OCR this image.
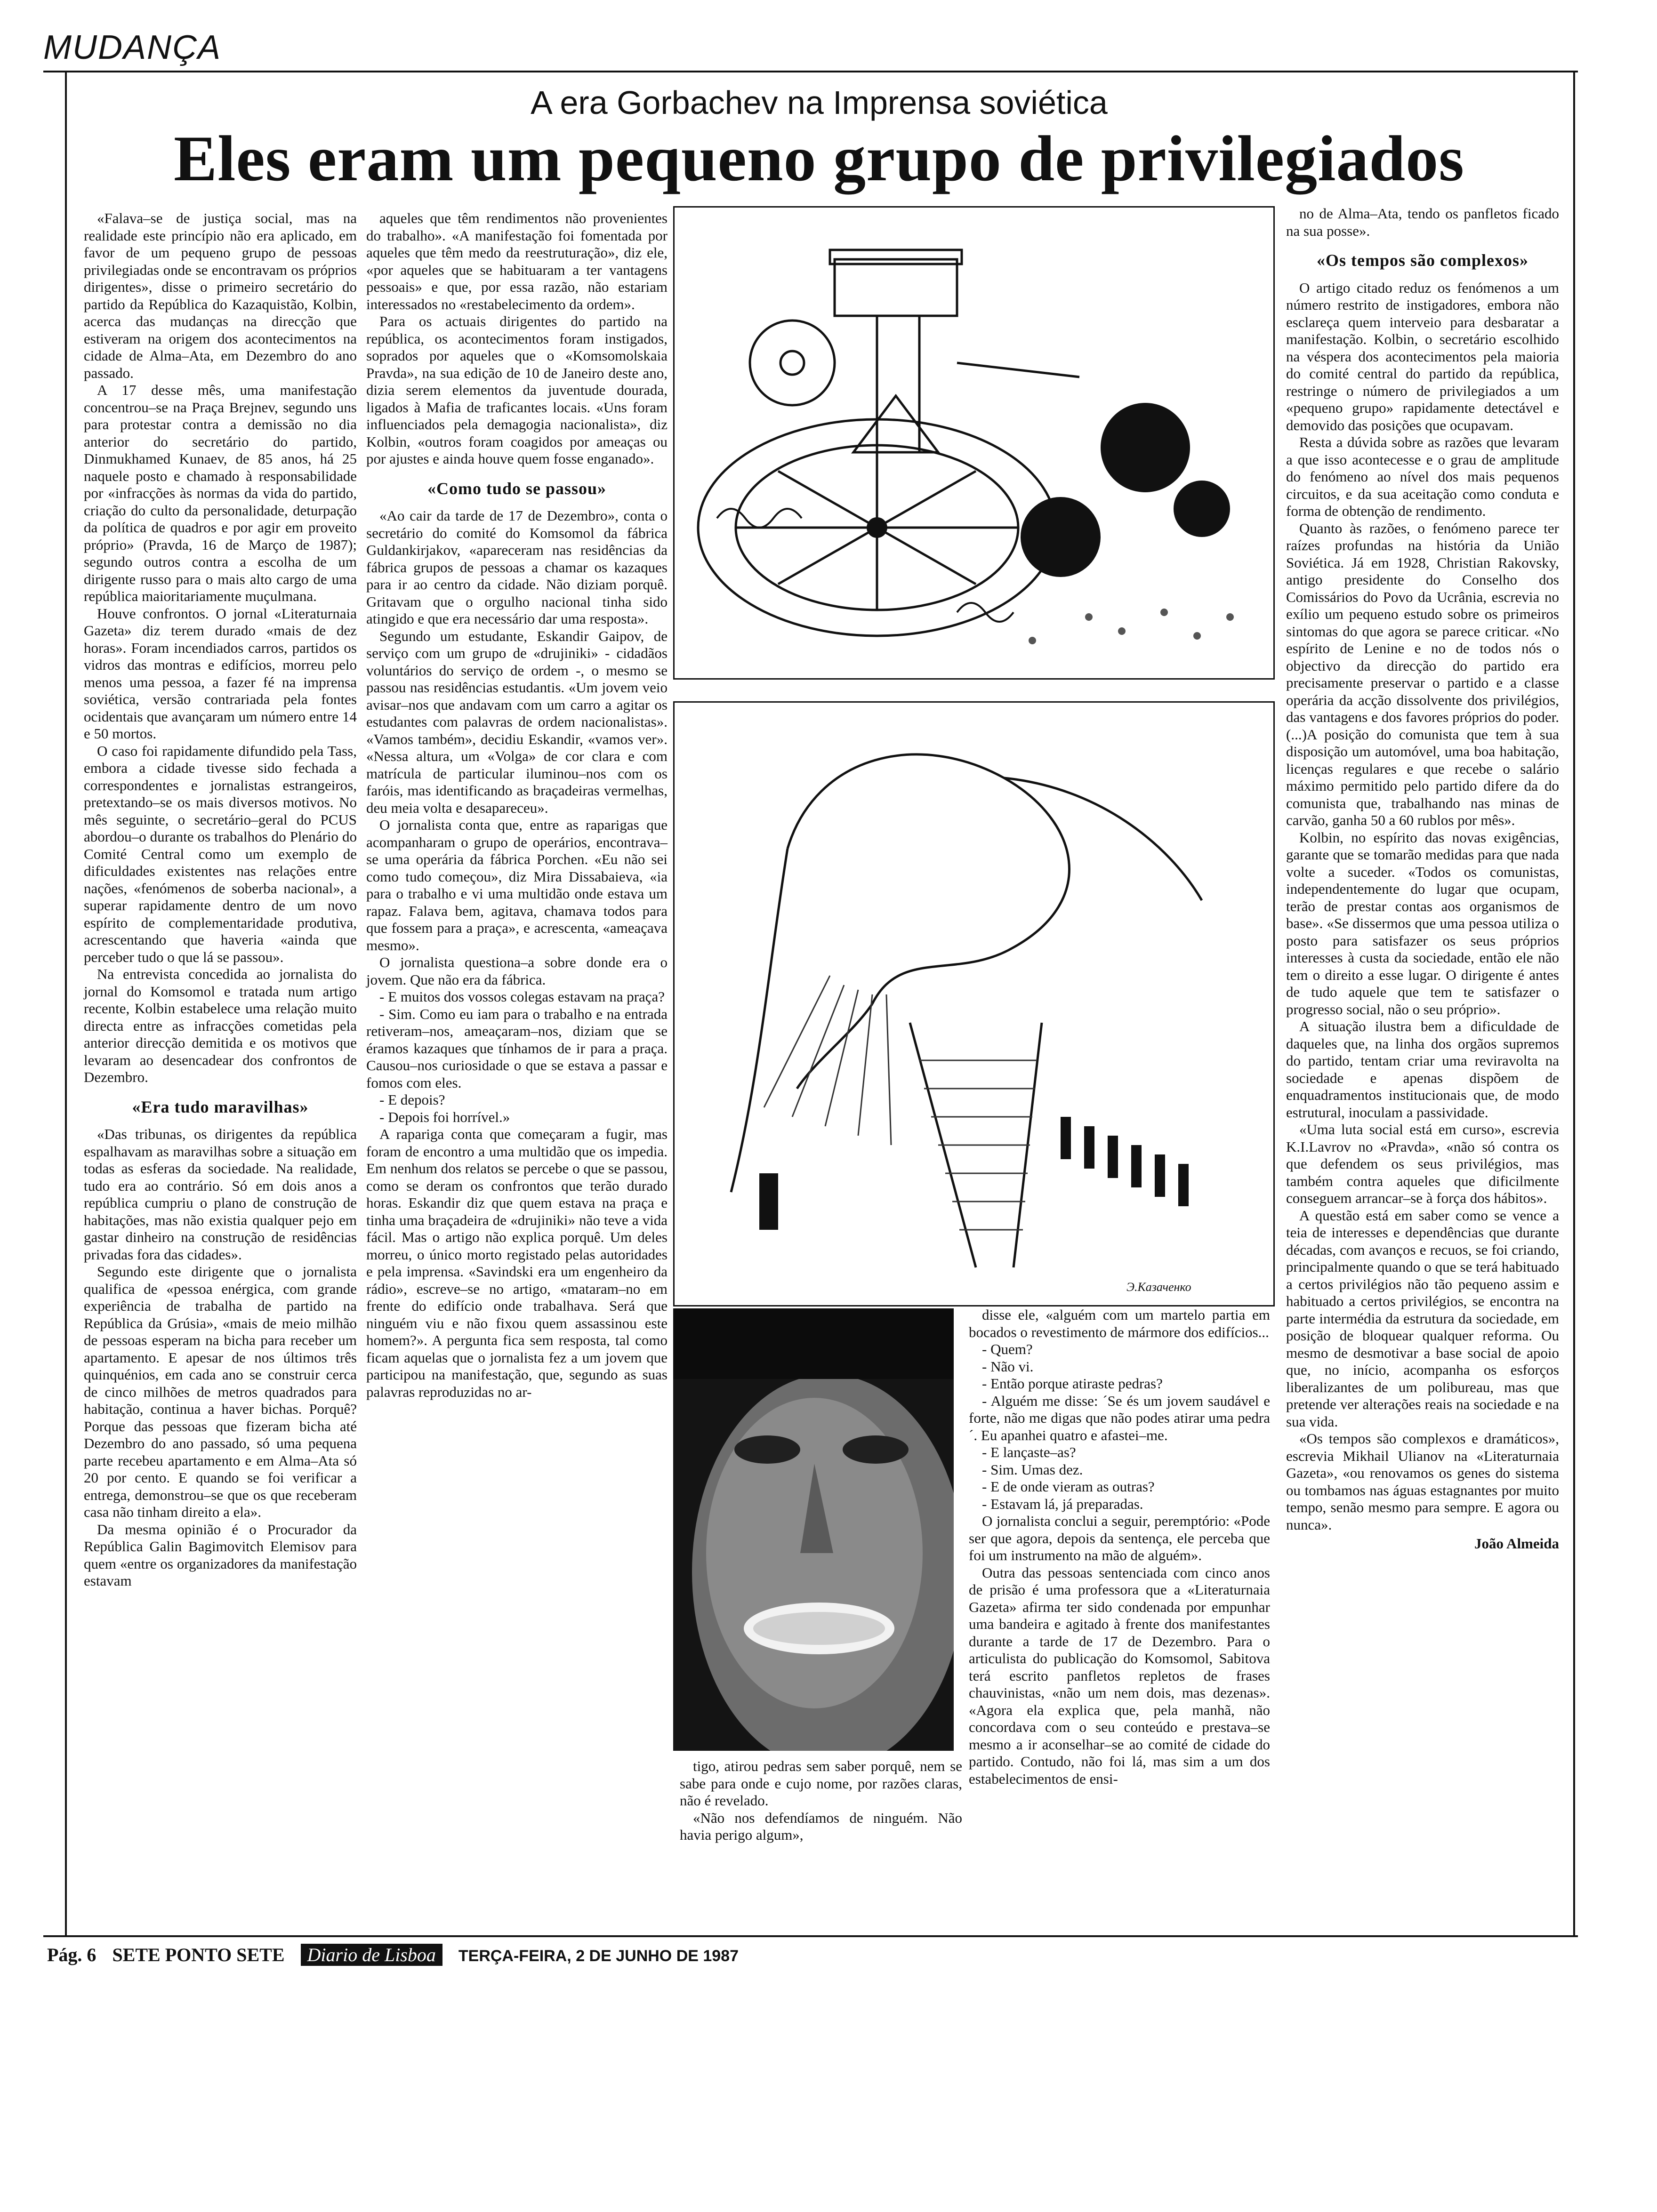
MUDANÇA
A era Gorbachev na Imprensa soviética
Eles eram um pequeno grupo de privilegiados

«Falava–se de justiça social, mas na realidade este princípio não era aplicado, em favor de um pequeno grupo de pessoas privilegiadas onde se encontravam os próprios dirigentes», disse o primeiro secretário do partido da República do Kazaquistão, Kolbin, acerca das mudanças na direcção que estiveram na origem dos acontecimentos na cidade de Alma–Ata, em Dezembro do ano passado.

A 17 desse mês, uma manifestação concentrou–se na Praça Brejnev, segundo uns para protestar contra a demissão no dia anterior do secretário do partido, Dinmukhamed Kunaev, de 85 anos, há 25 naquele posto e chamado à responsabilidade por «infracções às normas da vida do partido, criação do culto da personalidade, deturpação da política de quadros e por agir em proveito próprio» (Pravda, 16 de Março de 1987); segundo outros contra a escolha de um dirigente russo para o mais alto cargo de uma república maioritariamente muçulmana.

Houve confrontos. O jornal «Literaturnaia Gazeta» diz terem durado «mais de dez horas». Foram incendiados carros, partidos os vidros das montras e edifícios, morreu pelo menos uma pessoa, a fazer fé na imprensa soviética, versão contrariada pela fontes ocidentais que avançaram um número entre 14 e 50 mortos.

O caso foi rapidamente difundido pela Tass, embora a cidade tivesse sido fechada a correspondentes e jornalistas estrangeiros, pretextando–se os mais diversos motivos. No mês seguinte, o secretário–geral do PCUS abordou–o durante os trabalhos do Plenário do Comité Central como um exemplo de dificuldades existentes nas relações entre nações, «fenómenos de soberba nacional», a superar rapidamente dentro de um novo espírito de complementaridade produtiva, acrescentando que haveria «ainda que perceber tudo o que lá se passou».

Na entrevista concedida ao jornalista do jornal do Komsomol e tratada num artigo recente, Kolbin estabelece uma relação muito directa entre as infracções cometidas pela anterior direcção demitida e os motivos que levaram ao desencadear dos confrontos de Dezembro.

«Era tudo maravilhas»

«Das tribunas, os dirigentes da república espalhavam as maravilhas sobre a situação em todas as esferas da sociedade. Na realidade, tudo era ao contrário. Só em dois anos a república cumpriu o plano de construção de habitações, mas não existia qualquer pejo em gastar dinheiro na construção de residências privadas fora das cidades».

Segundo este dirigente que o jornalista qualifica de «pessoa enérgica, com grande experiência de trabalha de partido na República da Grúsia», «mais de meio milhão de pessoas esperam na bicha para receber um apartamento. E apesar de nos últimos três quinquénios, em cada ano se construir cerca de cinco milhões de metros quadrados para habitação, continua a haver bichas. Porquê? Porque das pessoas que fizeram bicha até Dezembro do ano passado, só uma pequena parte recebeu apartamento e em Alma–Ata só 20 por cento. E quando se foi verificar a entrega, demonstrou–se que os que receberam casa não tinham direito a ela».

Da mesma opinião é o Procurador da República Galin Bagimovitch Elemisov para quem «entre os organizadores da manifestação estavam

aqueles que têm rendimentos não provenientes do trabalho». «A manifestação foi fomentada por aqueles que têm medo da reestruturação», diz ele, «por aqueles que se habituaram a ter vantagens pessoais» e que, por essa razão, não estariam interessados no «restabelecimento da ordem».

Para os actuais dirigentes do partido na república, os acontecimentos foram instigados, soprados por aqueles que o «Komsomolskaia Pravda», na sua edição de 10 de Janeiro deste ano, dizia serem elementos da juventude dourada, ligados à Mafia de traficantes locais. «Uns foram influenciados pela demagogia nacionalista», diz Kolbin, «outros foram coagidos por ameaças ou por ajustes e ainda houve quem fosse enganado».

«Como tudo se passou»

«Ao cair da tarde de 17 de Dezembro», conta o secretário do comité do Komsomol da fábrica Guldankirjakov, «apareceram nas residências da fábrica grupos de pessoas a chamar os kazaques para ir ao centro da cidade. Não diziam porquê. Gritavam que o orgulho nacional tinha sido atingido e que era necessário dar uma resposta».

Segundo um estudante, Eskandir Gaipov, de serviço com um grupo de «drujiniki» - cidadãos voluntários do serviço de ordem -, o mesmo se passou nas residências estudantis. «Um jovem veio avisar–nos que andavam com um carro a agitar os estudantes com palavras de ordem nacionalistas». «Vamos também», decidiu Eskandir, «vamos ver». «Nessa altura, um «Volga» de cor clara e com matrícula de particular iluminou–nos com os faróis, mas identificando as braçadeiras vermelhas, deu meia volta e desapareceu».

O jornalista conta que, entre as raparigas que acompanharam o grupo de operários, encontrava–se uma operária da fábrica Porchen. «Eu não sei como tudo começou», diz Mira Dissabaieva, «ia para o trabalho e vi uma multidão onde estava um rapaz. Falava bem, agitava, chamava todos para que fossem para a praça», e acrescenta, «ameaçava mesmo».

O jornalista questiona–a sobre donde era o jovem. Que não era da fábrica.

- E muitos dos vossos colegas estavam na praça?

- Sim. Como eu iam para o trabalho e na entrada retiveram–nos, ameaçaram–nos, diziam que se éramos kazaques que tínhamos de ir para a praça. Causou–nos curiosidade o que se estava a passar e fomos com eles.

- E depois?

- Depois foi horrível.»

A rapariga conta que começaram a fugir, mas foram de encontro a uma multidão que os impedia. Em nenhum dos relatos se percebe o que se passou, como se deram os confrontos que terão durado horas. Eskandir diz que quem estava na praça e tinha uma braçadeira de «drujiniki» não teve a vida fácil. Mas o artigo não explica porquê. Um deles morreu, o único morto registado pelas autoridades e pela imprensa. «Savindski era um engenheiro da rádio», escreve–se no artigo, «mataram–no em frente do edifício onde trabalhava. Será que ninguém viu e não fixou quem assassinou este homem?». A pergunta fica sem resposta, tal como ficam aquelas que o jornalista fez a um jovem que participou na manifestação, que, segundo as suas palavras reproduzidas no ar-

Э.Казаченко

tigo, atirou pedras sem saber porquê, nem se sabe para onde e cujo nome, por razões claras, não é revelado.

«Não nos defendíamos de ninguém. Não havia perigo algum»,

disse ele, «alguém com um martelo partia em bocados o revestimento de mármore dos edifícios...

- Quem?

- Não vi.

- Então porque atiraste pedras?

- Alguém me disse: ´Se és um jovem saudável e forte, não me digas que não podes atirar uma pedra´. Eu apanhei quatro e afastei–me.

- E lançaste–as?

- Sim. Umas dez.

- E de onde vieram as outras?

- Estavam lá, já preparadas.

O jornalista conclui a seguir, peremptório: «Pode ser que agora, depois da sentença, ele perceba que foi um instrumento na mão de alguém».

Outra das pessoas sentenciada com cinco anos de prisão é uma professora que a «Literaturnaia Gazeta» afirma ter sido condenada por empunhar uma bandeira e agitado à frente dos manifestantes durante a tarde de 17 de Dezembro. Para o articulista do publicação do Komsomol, Sabitova terá escrito panfletos repletos de frases chauvinistas, «não um nem dois, mas dezenas». «Agora ela explica que, pela manhã, não concordava com o seu conteúdo e prestava–se mesmo a ir aconselhar–se ao comité de cidade do partido. Contudo, não foi lá, mas sim a um dos estabelecimentos de ensi-

no de Alma–Ata, tendo os panfletos ficado na sua posse».

«Os tempos são complexos»

O artigo citado reduz os fenómenos a um número restrito de instigadores, embora não esclareça quem interveio para desbaratar a manifestação. Kolbin, o secretário escolhido na véspera dos acontecimentos pela maioria do comité central do partido da república, restringe o número de privilegiados a um «pequeno grupo» rapidamente detectável e demovido das posições que ocupavam.

Resta a dúvida sobre as razões que levaram a que isso acontecesse e o grau de amplitude do fenómeno ao nível dos mais pequenos circuitos, e da sua aceitação como conduta e forma de obtenção de rendimento.

Quanto às razões, o fenómeno parece ter raízes profundas na história da União Soviética. Já em 1928, Christian Rakovsky, antigo presidente do Conselho dos Comissários do Povo da Ucrânia, escrevia no exílio um pequeno estudo sobre os primeiros sintomas do que agora se parece criticar. «No espírito de Lenine e no de todos nós o objectivo da direcção do partido era precisamente preservar o partido e a classe operária da acção dissolvente dos privilégios, das vantagens e dos favores próprios do poder. (...)A posição do comunista que tem à sua disposição um automóvel, uma boa habitação, licenças regulares e que recebe o salário máximo permitido pelo partido difere da do comunista que, trabalhando nas minas de carvão, ganha 50 a 60 rublos por mês».

Kolbin, no espírito das novas exigências, garante que se tomarão medidas para que nada volte a suceder. «Todos os comunistas, independentemente do lugar que ocupam, terão de prestar contas aos organismos de base». «Se dissermos que uma pessoa utiliza o posto para satisfazer os seus próprios interesses à custa da sociedade, então ele não tem o direito a esse lugar. O dirigente é antes de tudo aquele que tem te satisfazer o progresso social, não o seu próprio».

A situação ilustra bem a dificuldade de daqueles que, na linha dos orgãos supremos do partido, tentam criar uma reviravolta na sociedade e apenas dispõem de enquadramentos institucionais que, de modo estrutural, inoculam a passividade.

«Uma luta social está em curso», escrevia K.I.Lavrov no «Pravda», «não só contra os que defendem os seus privilégios, mas também contra aqueles que dificilmente conseguem arrancar–se à força dos hábitos».

A questão está em saber como se vence a teia de interesses e dependências que durante décadas, com avanços e recuos, se foi criando, principalmente quando o que se terá habituado a certos privilégios não tão pequeno assim e habituado a certos privilégios, se encontra na parte intermédia da estrutura da sociedade, em posição de bloquear qualquer reforma. Ou mesmo de desmotivar a base social de apoio que, no início, acompanha os esforços liberalizantes de um polibureau, mas que pretende ver alterações reais na sociedade e na sua vida.

«Os tempos são complexos e dramáticos», escrevia Mikhail Ulianov na «Literaturnaia Gazeta», «ou renovamos os genes do sistema ou tombamos nas águas estagnantes por muito tempo, senão mesmo para sempre. E agora ou nunca».

João Almeida

Pág. 6 SETE PONTO SETE Diario de Lisboa TERÇA-FEIRA, 2 DE JUNHO DE 1987
